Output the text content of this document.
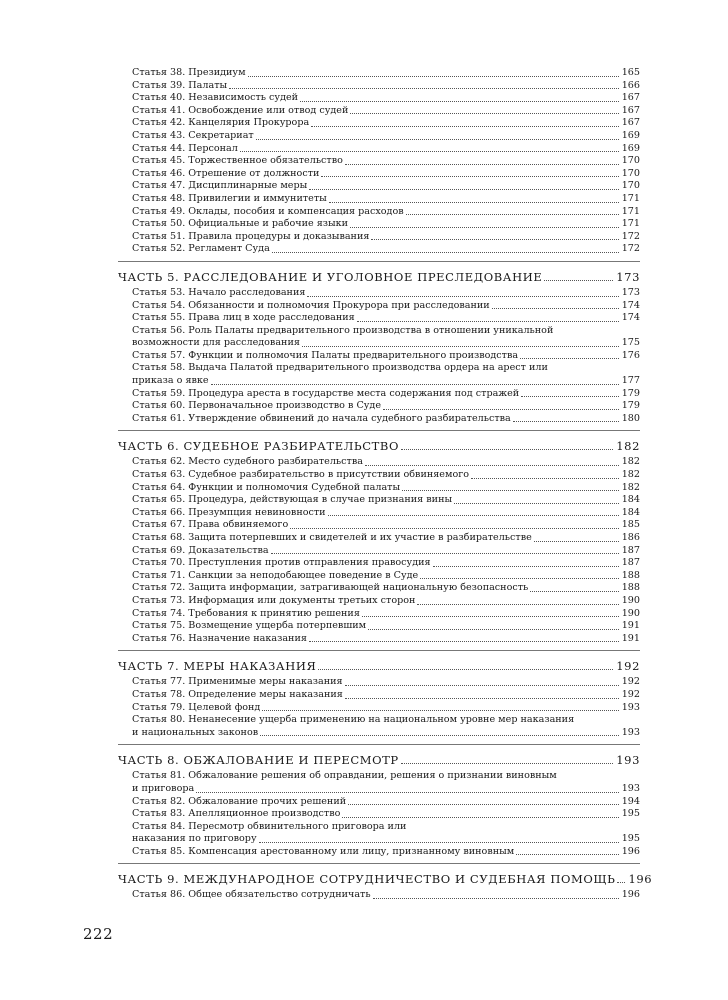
Статья 38. Президиум	165
Статья 39. Палаты	166
Статья 40. Независимость судей	167
Статья 41. Освобождение или отвод судей	167
Статья 42. Канцелярия Прокурора	167
Статья 43. Секретариат	169
Статья 44. Персонал	169
Статья 45. Торжественное обязательство	170
Статья 46. Отрешение от должности	170
Статья 47. Дисциплинарные меры	170
Статья 48. Привилегии и иммунитеты	171
Статья 49. Оклады, пособия и компенсация расходов	171
Статья 50. Официальные и рабочие языки	171
Статья 51. Правила процедуры и доказывания	172
Статья 52. Регламент Суда	172
ЧАСТЬ 5. РАССЛЕДОВАНИЕ И УГОЛОВНОЕ ПРЕСЛЕДОВАНИЕ	173
Статья 53. Начало расследования	173
Статья 54. Обязанности и полномочия Прокурора при расследовании	174
Статья 55. Права лиц в ходе расследования	174
Статья 56. Роль Палаты предварительного производства в отношении уникальной
возможности для расследования	175
Статья 57. Функции и полномочия Палаты предварительного производства	176
Статья 58. Выдача Палатой предварительного производства ордера на арест или
приказа о явке	177
Статья 59. Процедура ареста в государстве места содержания под стражей	179
Статья 60. Первоначальное производство в Суде	179
Статья 61. Утверждение обвинений до начала судебного разбирательства	180
ЧАСТЬ 6. СУДЕБНОЕ РАЗБИРАТЕЛЬСТВО	182
Статья 62. Место судебного разбирательства	182
Статья 63. Судебное разбирательство в присутствии обвиняемого	182
Статья 64. Функции и полномочия Судебной палаты	182
Статья 65. Процедура, действующая в случае признания вины	184
Статья 66. Презумпция невиновности	184
Статья 67. Права обвиняемого	185
Статья 68. Защита потерпевших и свидетелей и их участие в разбирательстве	186
Статья 69. Доказательства	187
Статья 70. Преступления против отправления правосудия	187
Статья 71. Санкции за неподобающее поведение в Суде	188
Статья 72. Защита информации, затрагивающей национальную безопасность	188
Статья 73. Информация или документы третьих сторон	190
Статья 74. Требования к принятию решения	190
Статья 75. Возмещение ущерба потерпевшим	191
Статья 76. Назначение наказания	191
ЧАСТЬ 7. МЕРЫ НАКАЗАНИЯ	192
Статья 77. Применимые меры наказания	192
Статья 78. Определение меры наказания	192
Статья 79. Целевой фонд	193
Статья 80. Ненанесение ущерба применению на национальном уровне мер наказания
и национальных законов	193
ЧАСТЬ 8. ОБЖАЛОВАНИЕ И ПЕРЕСМОТР	193
Статья 81. Обжалование решения об оправдании, решения о признании виновным
и приговора	193
Статья 82. Обжалование прочих решений	194
Статья 83. Апелляционное производство	195
Статья 84. Пересмотр обвинительного приговора или
наказания по приговору	195
Статья 85. Компенсация арестованному или лицу, признанному виновным	196
ЧАСТЬ 9. МЕЖДУНАРОДНОЕ СОТРУДНИЧЕСТВО И СУДЕБНАЯ ПОМОЩЬ 196
Статья 86. Общее обязательство сотрудничать	196
222
